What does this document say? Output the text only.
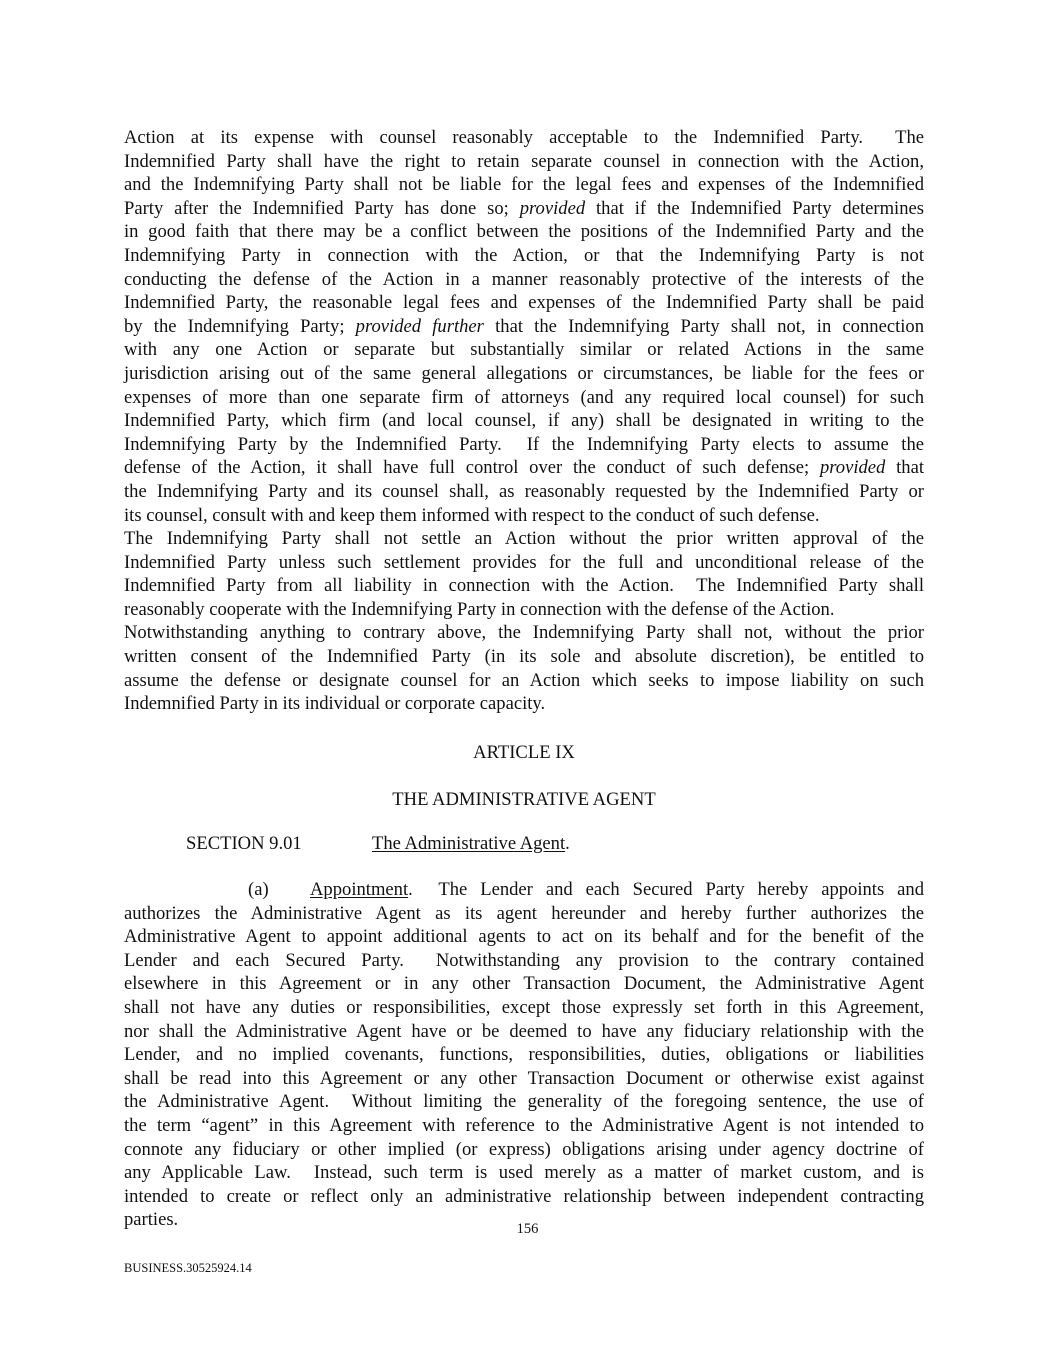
Action at its expense with counsel reasonably acceptable to the Indemnified Party.  The
Indemnified Party shall have the right to retain separate counsel in connection with the Action,
and the Indemnifying Party shall not be liable for the legal fees and expenses of the Indemnified
Party after the Indemnified Party has done so; provided that if the Indemnified Party determines
in good faith that there may be a conflict between the positions of the Indemnified Party and the
Indemnifying Party in connection with the Action, or that the Indemnifying Party is not
conducting the defense of the Action in a manner reasonably protective of the interests of the
Indemnified Party, the reasonable legal fees and expenses of the Indemnified Party shall be paid
by the Indemnifying Party; provided further that the Indemnifying Party shall not, in connection
with any one Action or separate but substantially similar or related Actions in the same
jurisdiction arising out of the same general allegations or circumstances, be liable for the fees or
expenses of more than one separate firm of attorneys (and any required local counsel) for such
Indemnified Party, which firm (and local counsel, if any) shall be designated in writing to the
Indemnifying Party by the Indemnified Party.  If the Indemnifying Party elects to assume the
defense of the Action, it shall have full control over the conduct of such defense; provided that
the Indemnifying Party and its counsel shall, as reasonably requested by the Indemnified Party or
its counsel, consult with and keep them informed with respect to the conduct of such defense.
The Indemnifying Party shall not settle an Action without the prior written approval of the
Indemnified Party unless such settlement provides for the full and unconditional release of the
Indemnified Party from all liability in connection with the Action.  The Indemnified Party shall
reasonably cooperate with the Indemnifying Party in connection with the defense of the Action.
Notwithstanding anything to contrary above, the Indemnifying Party shall not, without the prior
written consent of the Indemnified Party (in its sole and absolute discretion), be entitled to
assume the defense or designate counsel for an Action which seeks to impose liability on such
Indemnified Party in its individual or corporate capacity.
ARTICLE IX
THE ADMINISTRATIVE AGENT
SECTION 9.01	The Administrative Agent.
(a) Appointment.  The Lender and each Secured Party hereby appoints and
authorizes the Administrative Agent as its agent hereunder and hereby further authorizes the
Administrative Agent to appoint additional agents to act on its behalf and for the benefit of the
Lender and each Secured Party.  Notwithstanding any provision to the contrary contained
elsewhere in this Agreement or in any other Transaction Document, the Administrative Agent
shall not have any duties or responsibilities, except those expressly set forth in this Agreement,
nor shall the Administrative Agent have or be deemed to have any fiduciary relationship with the
Lender, and no implied covenants, functions, responsibilities, duties, obligations or liabilities
shall be read into this Agreement or any other Transaction Document or otherwise exist against
the Administrative Agent.  Without limiting the generality of the foregoing sentence, the use of
the term “agent” in this Agreement with reference to the Administrative Agent is not intended to
connote any fiduciary or other implied (or express) obligations arising under agency doctrine of
any Applicable Law.  Instead, such term is used merely as a matter of market custom, and is
intended to create or reflect only an administrative relationship between independent contracting
parties.	156
BUSINESS.30525924.14
